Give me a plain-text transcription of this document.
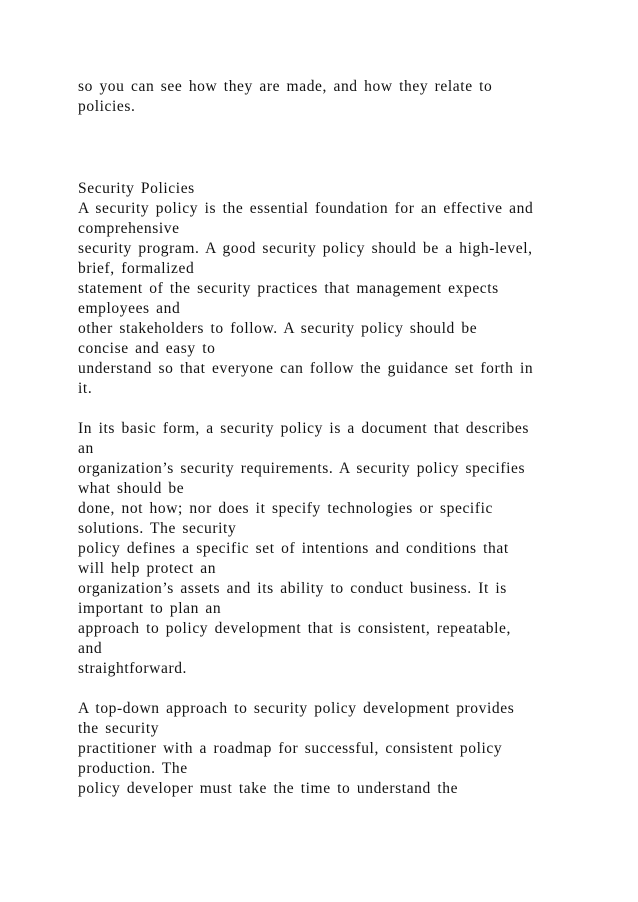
so you can see how they are made, and how they relate to
policies.
Security Policies
A security policy is the essential foundation for an effective and
comprehensive
security program. A good security policy should be a high-level,
brief, formalized
statement of the security practices that management expects
employees and
other stakeholders to follow. A security policy should be
concise and easy to
understand so that everyone can follow the guidance set forth in
it.
In its basic form, a security policy is a document that describes
an
organization’s security requirements. A security policy specifies
what should be
done, not how; nor does it specify technologies or specific
solutions. The security
policy defines a specific set of intentions and conditions that
will help protect an
organization’s assets and its ability to conduct business. It is
important to plan an
approach to policy development that is consistent, repeatable,
and
straightforward.
A top-down approach to security policy development provides
the security
practitioner with a roadmap for successful, consistent policy
production. The
policy developer must take the time to understand the
